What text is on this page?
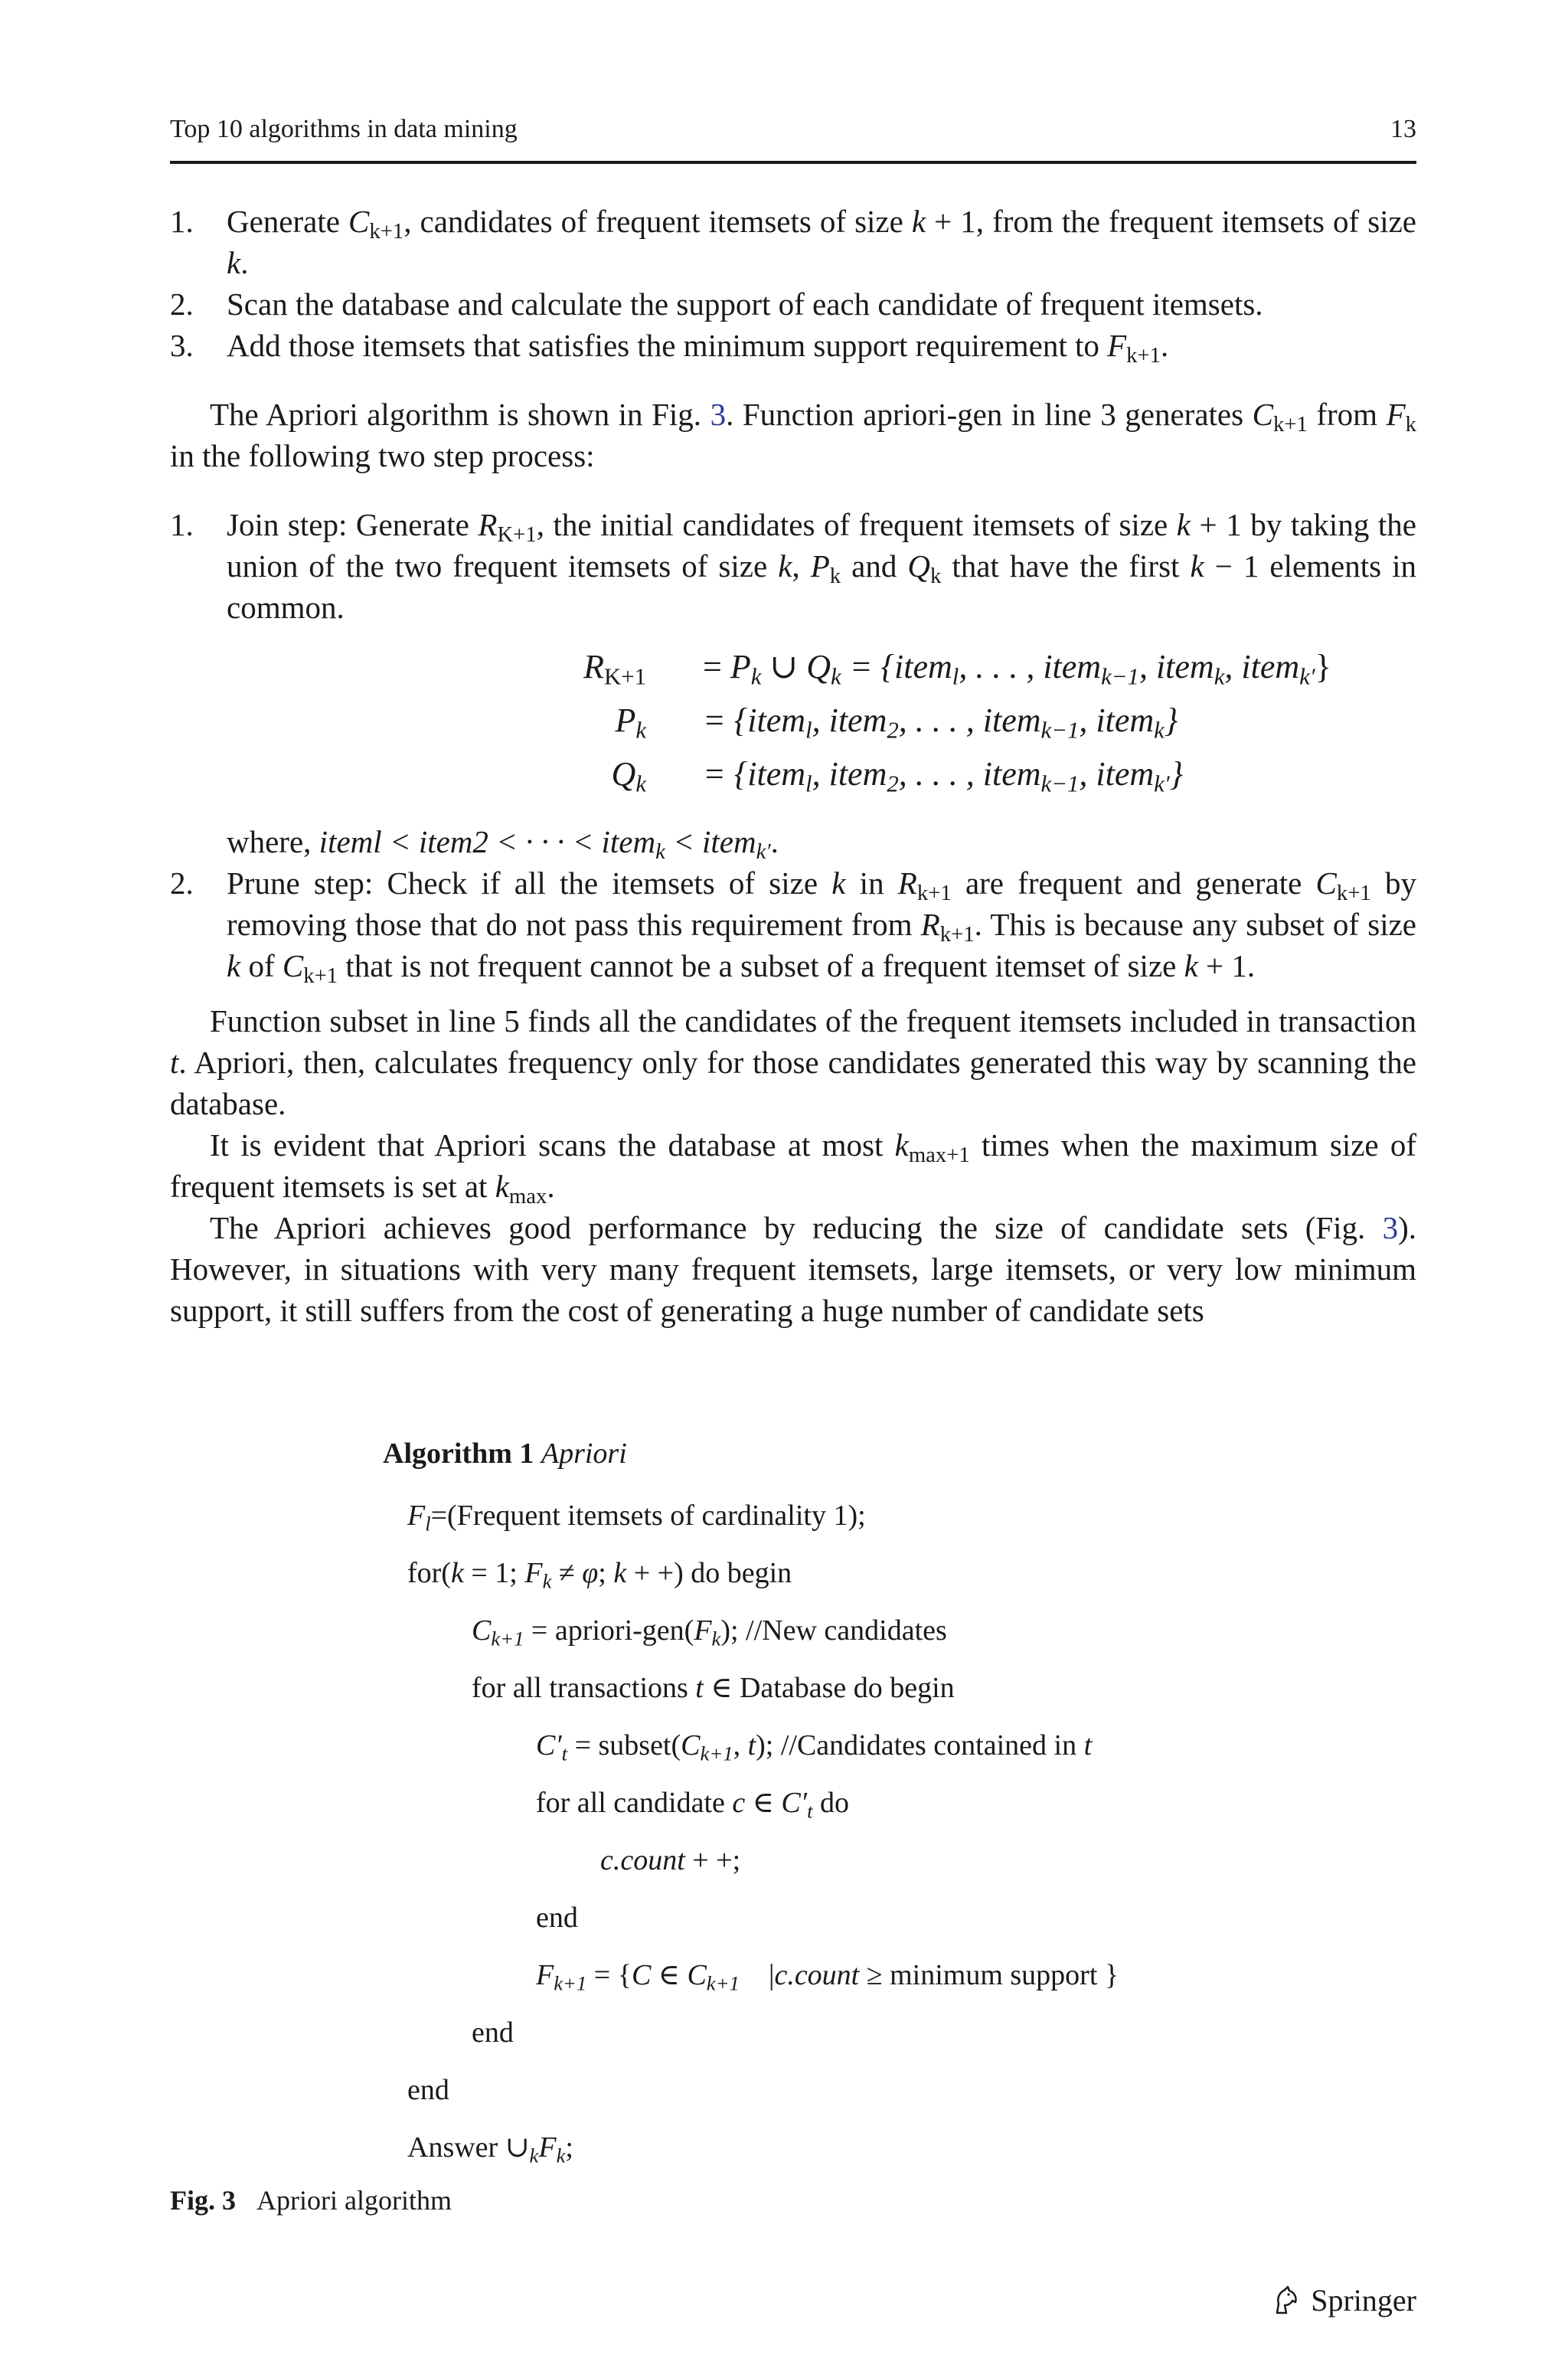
Top 10 algorithms in data mining	13
1.	Generate $C_{k+1}$, candidates of frequent itemsets of size k + 1, from the frequent itemsets of size k.
2.	Scan the database and calculate the support of each candidate of frequent itemsets.
3.	Add those itemsets that satisfies the minimum support requirement to $F_{k+1}$.

The Apriori algorithm is shown in Fig. 3. Function apriori-gen in line 3 generates $C_{k+1}$ from $F_k$ in the following two step process:

1.	Join step: Generate $R_{K+1}$, the initial candidates of frequent itemsets of size k + 1 by taking the union of the two frequent itemsets of size k, $P_k$ and $Q_k$ that have the first k − 1 elements in common.
$R_{K+1} = P_k$ ∪ $Q_k$ = {item$_l$, . . . , item$_{k-1}$, item$_k$, item$_{k'}$}
$P_k$ = {item$_l$, item$_2$, . . . , item$_{k-1}$, item$_k$}
$Q_k$ = {item$_l$, item$_2$, . . . , item$_{k-1}$, item$_{k'}$}
where, iteml < item2 < · · · < item$_k$ < item$_{k'}$.
2.	Prune step: Check if all the itemsets of size k in $R_{k+1}$ are frequent and generate $C_{k+1}$ by removing those that do not pass this requirement from $R_{k+1}$. This is because any subset of size k of $C_{k+1}$ that is not frequent cannot be a subset of a frequent itemset of size k + 1.

Function subset in line 5 finds all the candidates of the frequent itemsets included in transaction t. Apriori, then, calculates frequency only for those candidates generated this way by scanning the database.

It is evident that Apriori scans the database at most $k_{max+1}$ times when the maximum size of frequent itemsets is set at $k_{max}$.

The Apriori achieves good performance by reducing the size of candidate sets (Fig. 3). However, in situations with very many frequent itemsets, large itemsets, or very low minimum support, it still suffers from the cost of generating a huge number of candidate sets

Algorithm 1 Apriori
$F_l=(Frequent$ itemsets of cardinality 1);
for(k = 1; $F_k \ne \varphi$; k + +) do begin
$C_{k+1}$ = apriori-$gen(F_k)$; //New candidates
for all transactions t ∈ Database do begin
$C'_t$ = $subset(C_{k+1}$, t); //Candidates contained in t
for all candidate c ∈ $C'_t$ do
c.count + +;
end
$F_{k+1} = \{C$ ∈ $C_{k+1}$    |c.count ≥ minimum support }
end
end
Answer $\cup_kF_k$;
Fig. 3 Apriori algorithm
Springer
